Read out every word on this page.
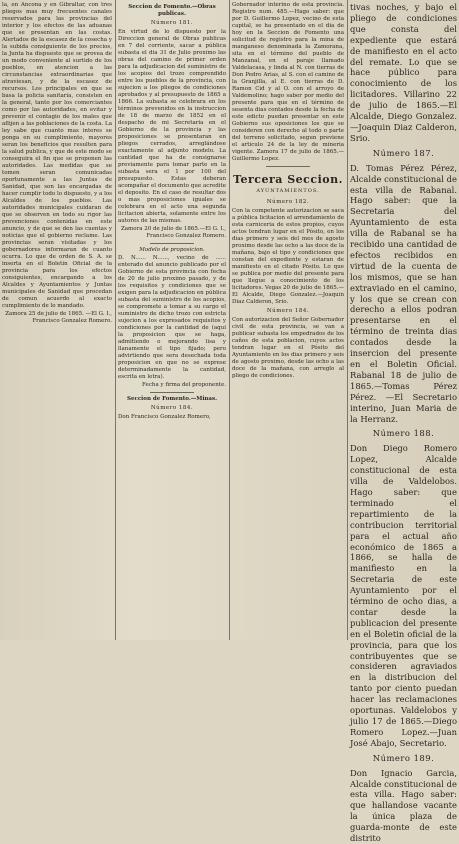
la, en Ancona y en Gibraltar, con tres pliegos mas muy frecuentes canales reservados para las provincias del interior y los efectos de las aduanas que se presentan en las costas. Alertados de la escasez de la cosecha y la subida consiguiente de los precios, la Junta ha dispuesto que se provea de un modo conveniente al surtido de los pueblos, en atencion a las circunstancias extraordinarias que atraviesan, y de la escasez de recursos. Los principales en que se basa la policia sanitaria, consisten en la general, tanto por los comerciantes como por las autoridades, en evitar y prevenir el contagio de los males que aflijen a las poblaciones de la costa. La ley sabe que cuanto mas interes se ponga en su cumplimiento, mayores seran los beneficios que resulten para la salud publica, y que de este modo se conseguira el fin que se proponen las autoridades. Las medidas que se tomen seran comunicadas oportunamente a las Juntas de Sanidad, que son las encargadas de hacer cumplir todo lo dispuesto, y a los Alcaldes de los pueblos. Las autoridades municipales cuidaran de que se observen en todo su rigor las prevenciones contenidas en este anuncio, y de que se den las cuentas y noticias que el gobierno reclame. Las provincias seran visitadas y los gobernadores informaran de cuanto ocurra. Lo que de orden de S. A. se inserta en el Boletin Oficial de la provincia para los efectos consiguientes, encargando a los Alcaldes y Ayuntamientos y Juntas municipales de Sanidad que procedan de comun acuerdo al exacto cumplimiento de lo mandado.

Zamora 25 de julio de 1865. —El G. I., Francisco Gonzalez Romero.

Seccion de Fomento.—Obras publicas.
Número 181.

En virtud de lo dispuesto por la Direccion general de Obras publicas en 7 del corriente, sacar a pública subasta el dia 31 de Julio proximo las obras del camino de primer orden para la adjudicacion del suministro de los acopios del trozo comprendido entre los pueblos de la provincia, con sujecion a los pliegos de condiciones aprobados y al presupuesto de 1865 a 1866. La subasta se celebrara en los términos prevenidos en la instruccion de 18 de marzo de 1852 en el despacho de mi Secretaria en el Gobierno de la provincia y las proposiciones se presentaran en pliegos cerrados, arreglándose exactamente al adjunto modelo. La cantidad que ha de consignarse previamente para tomar parte en la subasta sera el 1 por 100 del presupuesto. Estas deberan acompañar el documento que acredite el deposito. En el caso de resultar dos o mas proposiciones iguales se celebrara en el acto una segunda licitacion abierta, solamente entre los autores de las mismas.

Zamora 20 de julio de 1865.—El G. I., Francisco Gonzalez Romero.

Modelo de proposicion.

D. N...... N......, vecino de ...... enterado del anuncio publicado por el Gobierno de esta provincia con fecha de 20 de julio proximo pasado, y de los requisitos y condiciones que se exigen para la adjudicacion en pública subasta del suministro de los acopios, se compromete a tomar a su cargo el suministro de dicho trozo con estricta sujecion a los expresados requisitos y condiciones por la cantidad de (aqui la proposicion que se haga, admitiendo o mejorando lisa y llanamente el tipo fijado; pero advirtiendo que sera desechada toda proposicion en que no se exprese determinadamente la cantidad, escrita en letra).

Fecha y firma del proponente.

Seccion de Fomento.—Minas.
Número 184.

Don Francisco Gonzalez Romero,

Gobernador interino de esta provincia. Registro num. 485.—Hago saber: que por D. Guillermo Lopez, vecino de esta capital, se ha presentado en el dia de hoy en la Seccion de Fomento una solicitud de registro para la mina de manganeso denominada la Zamorana, sita en el término del pueblo de Manzanal, en el paraje llamado Valdelacasa, y linda al N. con tierras de Don Pedro Arias, al S. con el camino de la Granjilla, al E. con tierras de D. Ramon Cid y al O. con el arroyo de Valdemolino; hago saber por medio del presente para que en el término de sesenta dias contados desde la fecha de este edicto puedan presentar en este Gobierno sus oposiciones los que se consideren con derecho al todo o parte del terreno solicitado, segun previene el articulo 24 de la ley de mineria vigente. Zamora 17 de julio de 1865.—Guillermo Lopez.

Tercera Seccion.
AYUNTAMIENTOS.
Número 182.

Con la competente autorizacion se saca a pública licitacion el arrendamiento de esta carniceria de estos propios, cuyos actos tendran lugar en el Pósito, en los dias primero y seis del mes de agosto proximo desde las ocho a las doce de la mañana, bajo el tipo y condiciones que constan del expediente y estaran de manifiesto en el citado Pósito. Lo que se publica por medio del presente para que llegue a conocimiento de los licitadores. Vegas 20 de julio de 1865.—El Alcalde, Diego Gonzalez.—Joaquin Diaz Calderon, Srio.

Número 184.

Con autorizacion del Señor Gobernador civil de esta provincia, se van a publicar subasta los empedrados de los caños de esta poblacion, cuyos actos tendran lugar en el Pósito del Ayuntamiento en los dias primero y seis de agosto proximo, desde las ocho a las doce de la mañana, con arreglo al pliego de condiciones.

tivas noches, y bajo el pliego de condiciones que consta del expediente que estará de manifiesto en el acto del remate. Lo que se hace público para conocimiento de los licitadores. Villarino 22 de julio de 1865.—El Alcalde, Diego Gonzalez.—Joaquin Diaz Calderon, Srio.

Número 187.

D. Tomas Pérez Pérez, Alcalde constitucional de esta villa de Rabanal. Hago saber: que la Secretaria del Ayuntamiento de esta villa de Rabanal se ha recibido una cantidad de efectos recibidos en virtud de la cuenta de los mismos, que se han extraviado en el camino, y los que se crean con derecho a ellos podran presentarse en el término de treinta dias contados desde la insercion del presente en el Boletin Oficial. Rabanal 18 de julio de 1865.—Tomas Pérez Pérez. —El Secretario interino, Juan Maria de la Herranz.

Número 188.

Don Diego Romero Lopez, Alcalde constitucional de esta villa de Valdelobos. Hago saber: que terminado el repartimiento de la contribucion territorial para el actual año económico de 1865 a 1866, se halla de manifiesto en la Secretaria de este Ayuntamiento por el término de ocho dias, a contar desde la publicacion del presente en el Boletin oficial de la provincia, para que los contribuyentes que se consideren agraviados en la distribucion del tanto por ciento puedan hacer las reclamaciones oportunas. Valdelobos y julio 17 de 1865.—Diego Romero Lopez.—Juan José Abajo, Secretario.

Número 189.

Don Ignacio Garcia, Alcalde constitucional de esta villa. Hago saber: que hallandose vacante la única plaza de guarda-monte de este distrito
